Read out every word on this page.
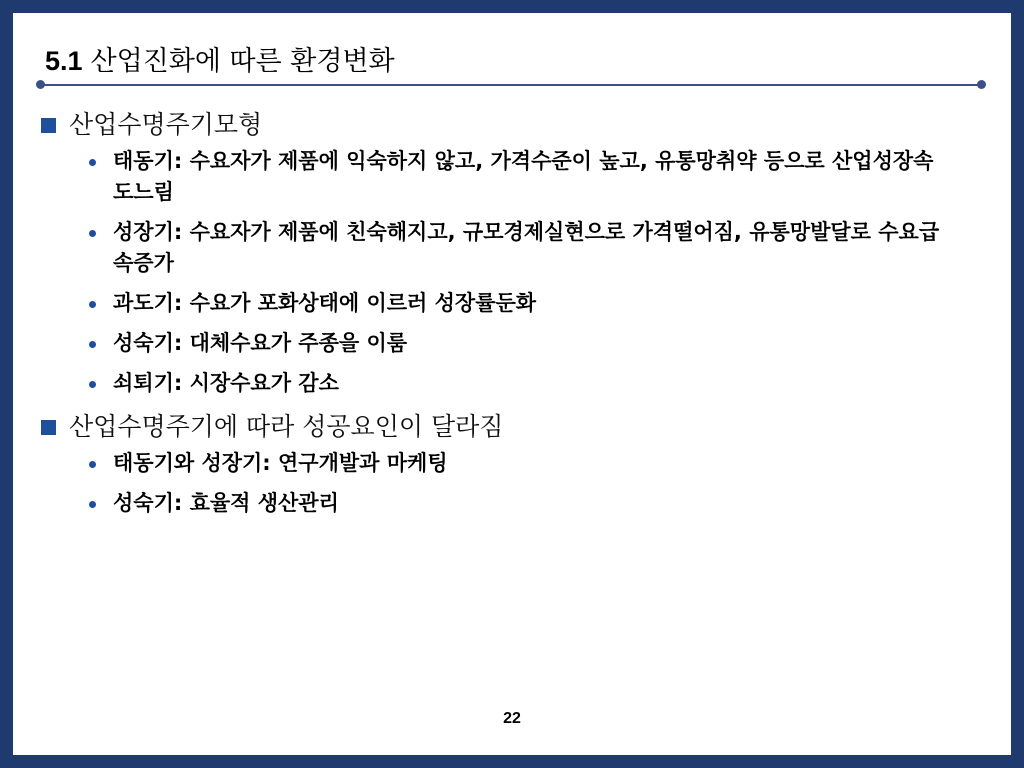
5.1 산업진화에 따른 환경변화
산업수명주기모형
태동기: 수요자가 제품에 익숙하지 않고, 가격수준이 높고, 유통망취약 등으로 산업성장속도느림
성장기: 수요자가 제품에 친숙해지고, 규모경제실현으로 가격떨어짐, 유통망발달로 수요급속증가
과도기: 수요가 포화상태에 이르러 성장률둔화
성숙기: 대체수요가 주종을 이룸
쇠퇴기: 시장수요가 감소
산업수명주기에 따라 성공요인이 달라짐
태동기와 성장기: 연구개발과 마케팅
성숙기: 효율적 생산관리
22
